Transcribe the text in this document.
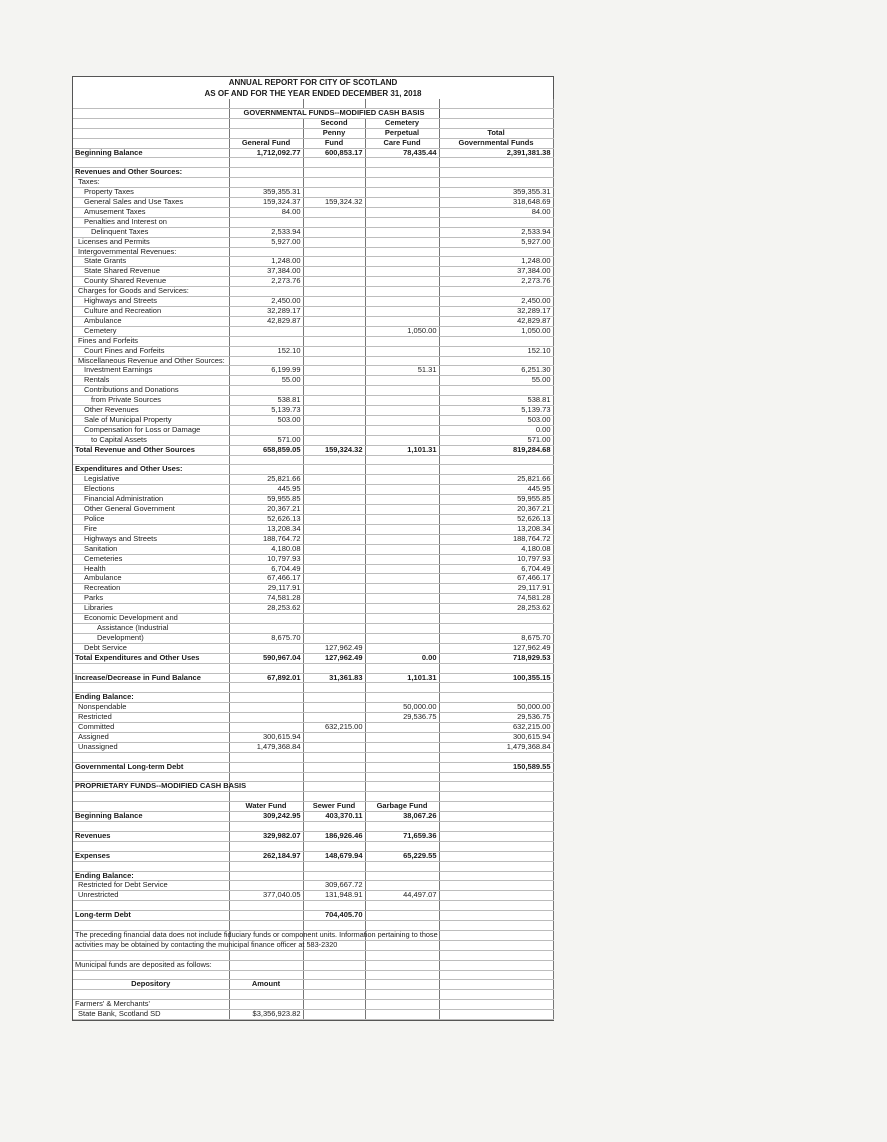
ANNUAL REPORT FOR CITY OF SCOTLAND
AS OF AND FOR THE YEAR ENDED DECEMBER 31, 2018

	GOVERNMENTAL FUNDS--MODIFIED CASH BASIS			
		Second	Cemetery	
		Penny	Perpetual	Total
	General Fund	Fund	Care Fund	Governmental Funds
Beginning Balance	1,712,092.77	600,853.17	78,435.44	2,391,381.38

Revenues and Other Sources:				
Taxes:				
Property Taxes	359,355.31			359,355.31
General Sales and Use Taxes	159,324.37	159,324.32		318,648.69
Amusement Taxes	84.00			84.00
Penalties and Interest on				
Delinquent Taxes	2,533.94			2,533.94
Licenses and Permits	5,927.00			5,927.00
Intergovernmental Revenues:				
State Grants	1,248.00			1,248.00
State Shared Revenue	37,384.00			37,384.00
County Shared Revenue	2,273.76			2,273.76
Charges for Goods and Services:				
Highways and Streets	2,450.00			2,450.00
Culture and Recreation	32,289.17			32,289.17
Ambulance	42,829.87			42,829.87
Cemetery			1,050.00	1,050.00
Fines and Forfeits				
Court Fines and Forfeits	152.10			152.10
Miscellaneous Revenue and Other Sources:				
Investment Earnings	6,199.99		51.31	6,251.30
Rentals	55.00			55.00
Contributions and Donations				
from Private Sources	538.81			538.81
Other Revenues	5,139.73			5,139.73
Sale of Municipal Property	503.00			503.00
Compensation for Loss or Damage				0.00
to Capital Assets	571.00			571.00
Total Revenue and Other Sources	658,859.05	159,324.32	1,101.31	819,284.68

Expenditures and Other Uses:				
Legislative	25,821.66			25,821.66
Elections	445.95			445.95
Financial Administration	59,955.85			59,955.85
Other General Government	20,367.21			20,367.21
Police	52,626.13			52,626.13
Fire	13,208.34			13,208.34
Highways and Streets	188,764.72			188,764.72
Sanitation	4,180.08			4,180.08
Cemeteries	10,797.93			10,797.93
Health	6,704.49			6,704.49
Ambulance	67,466.17			67,466.17
Recreation	29,117.91			29,117.91
Parks	74,581.28			74,581.28
Libraries	28,253.62			28,253.62
Economic Development and				
Assistance (Industrial				
Development)	8,675.70			8,675.70
Debt Service		127,962.49		127,962.49
Total Expenditures and Other Uses	590,967.04	127,962.49	0.00	718,929.53

Increase/Decrease in Fund Balance	67,892.01	31,361.83	1,101.31	100,355.15

Ending Balance:				
Nonspendable			50,000.00	50,000.00
Restricted			29,536.75	29,536.75
Committed		632,215.00		632,215.00
Assigned	300,615.94			300,615.94
Unassigned	1,479,368.84			1,479,368.84

Governmental Long-term Debt				150,589.55

PROPRIETARY FUNDS--MODIFIED CASH BASIS				

	Water Fund	Sewer Fund	Garbage Fund	
Beginning Balance	309,242.95	403,370.11	38,067.26	

Revenues	329,982.07	186,926.46	71,659.36	

Expenses	262,184.97	148,679.94	65,229.55	

Ending Balance:				
Restricted for Debt Service		309,667.72		
Unrestricted	377,040.05	131,948.91	44,497.07	

Long-term Debt		704,405.70		

The preceding financial data does not include fiduciary funds or component units. Information pertaining to those				
activities may be obtained by contacting the municipal finance officer at 583-2320				

Municipal funds are deposited as follows:				

Depository	Amount			

Farmers' & Merchants'				
State Bank, Scotland SD	$3,356,923.82			
